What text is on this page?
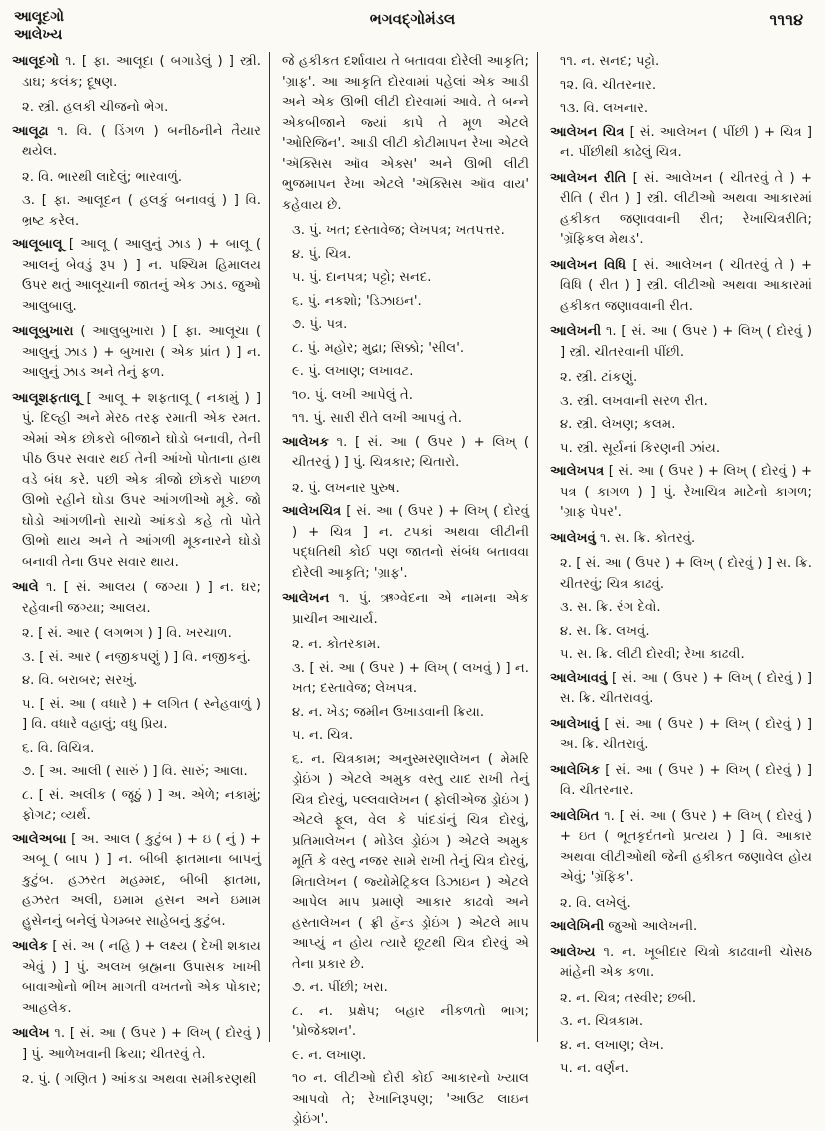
આલૂદગો
આલેખ્ય
ભગવદ્ગોમંડલ	૧૧૧૪
આલૂદગો ૧. [ ફા. આલૂદા ( બગાડેલું ) ] સ્ત્રી. ડાઘ; કલંક; દૂષણ.
૨. સ્ત્રી. હલકી ચીજનો ભેગ.
આલૂઢા ૧. વિ. ( ડિંગળ ) બનીઠનીને તૈયાર થયેલ.
૨. વિ. ભારથી લાદેલું; ભારવાળું.
૩. [ ફા. આલૂદન ( હલકું બનાવવું ) ] વિ. ભ્રષ્ટ કરેલ.
આલૂબાલૂ [ આલૂ ( આલુનું ઝાડ ) + બાલૂ ( આલનું બેવડું રૂપ ) ] ન. પશ્ચિમ હિમાલય ઉપર થતું આલૂચાની જાતનું એક ઝાડ. જુઓ આલુબાલુ.
આલૂબુખારા ( આલુબુખારા ) [ ફા. આલૂચા ( આલુનું ઝાડ ) + બુખારા ( એક પ્રાંત ) ] ન. આલુનું ઝાડ અને તેનું ફળ.
આલૂશફતાલૂ [ આલૂ + શફતાલૂ ( નકામું ) ] પું. દિલ્હી અને મેરઠ તરફ રમાતી એક રમત. એમાં એક છોકરો બીજાને ઘોડો બનાવી, તેની પીઠ ઉપર સવાર થઈ તેની આંખો પોતાના હાથ વડે બંધ કરે. પછી એક ત્રીજો છોકરો પાછળ ઊભો રહીને ઘોડા ઉપર આંગળીઓ મૂકે. જો ઘોડો આંગળીનો સાચો આંકડો કહે તો પોતે ઊભો થાય અને તે આંગળી મૂકનારને ઘોડો બનાવી તેના ઉપર સવાર થાય.
આલે ૧. [ સં. આલય ( જગ્યા ) ] ન. ઘર; રહેવાની જગ્યા; આલય.
૨. [ સં. આર ( લગભગ ) ] વિ. ખરચાળ.
૩. [ સં. આર ( નજીકપણું ) ] વિ. નજીકનું.
૪. વિ. બરાબર; સરખું.
૫. [ સં. આ ( વધારે ) + લગિત ( સ્નેહવાળું ) ] વિ. વધારે વહાલું; વધુ પ્રિય.
૬. વિ. વિચિત્ર.
૭. [ અ. આલી ( સારું ) ] વિ. સારું; આલા.
૮. [ સં. અલીક ( જૂઠું ) ] અ. એળે; નકામું; ફોગટ; વ્યર્થ.
આલેઅબા [ અ. આલ ( કુટુંબ ) + ઇ ( નું ) + અબૂ ( બાપ ) ] ન. બીબી ફાતમાના બાપનું કુટુંબ. હઝરત મહમ્મદ, બીબી ફાતમા, હઝરત અલી, ઇમામ હસન અને ઇમામ હુસેનનું બનેલું પેગમ્બર સાહેબનું કુટુંબ.
આલેક [ સં. અ ( નહિ ) + લક્ષ્ય ( દેખી શકાય એવું ) ] પું. અલખ બ્રહ્મના ઉપાસક ખાખી બાવાઓનો ભીખ માગતી વખતનો એક પોકાર; આહલેક.
આલેખ ૧. [ સં. આ ( ઉપર ) + લિખ્ ( દોરવું ) ] પું. આળેખવાની ક્રિયા; ચીતરવું તે.
૨. પું. ( ગણિત ) આંકડા અથવા સમીકરણથી
જે હકીકત દર્શાવાય તે બતાવવા દોરેલી આકૃતિ; 'ગ્રાફ'. આ આકૃતિ દોરવામાં પહેલાં એક આડી અને એક ઊભી લીટી દોરવામાં આવે. તે બન્ને એકબીજાને જ્યાં કાપે તે મૂળ એટલે 'ઓરિજિન'. આડી લીટી કોટીમાપન રેખા એટલે 'ઍક્સિસ ઑવ એક્સ' અને ઊભી લીટી ભુજમાપન રેખા એટલે 'ઍક્સિસ ઑવ વાય' કહેવાય છે.
૩. પું. ખત; દસ્તાવેજ; લેખપત્ર; ખતપત્તર.
૪. પું. ચિત્ર.
૫. પું. દાનપત્ર; પટ્ટો; સનદ.
૬. પું. નકશો; 'ડિઝાઇન'.
૭. પું. પત્ર.
૮. પું. મહોર; મુદ્રા; સિક્કો; 'સીલ'.
૯. પું. લખાણ; લખાવટ.
૧૦. પું. લખી આપેલું તે.
૧૧. પું. સારી રીતે લખી આપવું તે.
આલેખક ૧. [ સં. આ ( ઉપર ) + લિખ્ ( ચીતરવું ) ] પું. ચિત્રકાર; ચિતારો.
૨. પું. લખનાર પુરુષ.
આલેખચિત્ર [ સં. આ ( ઉપર ) + લિખ્ ( દોરવું ) + ચિત્ર ] ન. ટપકાં અથવા લીટીની પદ્ધતિથી કોઈ પણ જાતનો સંબંધ બતાવવા દોરેલી આકૃતિ; 'ગ્રાફ'.
આલેખન ૧. પું. ઋગ્વેદના એ નામના એક પ્રાચીન આચાર્ય.
૨. ન. કોતરકામ.
૩. [ સં. આ ( ઉપર ) + લિખ્ ( લખવું ) ] ન. ખત; દસ્તાવેજ; લેખપત્ર.
૪. ન. ખેડ; જમીન ઉખાડવાની ક્રિયા.
૫. ન. ચિત્ર.
૬. ન. ચિત્રકામ; અનુસ્મરણાલેખન ( મેમરિ ડ્રોઇંગ ) એટલે અમુક વસ્તુ યાદ રાખી તેનું ચિત્ર દોરવું, પલ્લવાલેખન ( ફોલીએજ ડ્રોઇંગ ) એટલે ફૂલ, વેલ કે પાંદડાંનું ચિત્ર દોરવું, પ્રતિમાલેખન ( મોડેલ ડ્રોઇંગ ) એટલે અમુક મૂર્તિ કે વસ્તુ નજર સામે રાખી તેનું ચિત્ર દોરવું, મિતાલેખન ( જ્યોમેટ્રિકલ ડિઝાઇન ) એટલે આપેલ માપ પ્રમાણે આકાર કાઢવો અને હસ્તાલેખન ( ફ્રી હૅન્ડ ડ્રોઇંગ ) એટલે માપ આપ્યું ન હોય ત્યારે છૂટથી ચિત્ર દોરવું એ તેના પ્રકાર છે.
૭. ન. પીંછી; ખરા.
૮. ન. પ્રક્ષેપ; બહાર નીકળતો ભાગ; 'પ્રોજેક્શન'.
૯. ન. લખાણ.
૧૦ ન. લીટીઓ દોરી કોઈ આકારનો ખ્યાલ આપવો તે; રેખાનિરૂપણ; 'આઉટ લાઇન ડ્રોઇંગ'.
૧૧. ન. સનદ; પટ્ટો.
૧૨. વિ. ચીતરનાર.
૧૩. વિ. લખનાર.
આલેખન ચિત્ર [ સં. આલેખન ( પીંછી ) + ચિત્ર ] ન. પીંછીથી કાઢેલું ચિત્ર.
આલેખન રીતિ [ સં. આલેખન ( ચીતરવું તે ) + રીતિ ( રીત ) ] સ્ત્રી. લીટીઓ અથવા આકારમાં હકીકત જણાવવાની રીત; રેખાચિત્રરીતિ; 'ગ્રૅફિકલ મેથડ'.
આલેખન વિધિ [ સં. આલેખન ( ચીતરવું તે ) + વિધિ ( રીત ) ] સ્ત્રી. લીટીઓ અથવા આકારમાં હકીકત જણાવવાની રીત.
આલેખની ૧. [ સં. આ ( ઉપર ) + લિખ્ ( દોરવું ) ] સ્ત્રી. ચીતરવાની પીંછી.
૨. સ્ત્રી. ટાંકણું.
૩. સ્ત્રી. લખવાની સરળ રીત.
૪. સ્ત્રી. લેખણ; કલમ.
૫. સ્ત્રી. સૂર્યનાં કિરણની ઝાંય.
આલેખપત્ર [ સં. આ ( ઉપર ) + લિખ્ ( દોરવું ) + પત્ર ( કાગળ ) ] પું. રેખાચિત્ર માટેનો કાગળ; 'ગ્રાફ પેપર'.
આલેખવું ૧. સ. ક્રિ. કોતરવું.
૨. [ સં. આ ( ઉપર ) + લિખ્ ( દોરવું ) ] સ. ક્રિ. ચીતરવું; ચિત્ર કાઢવું.
૩. સ. ક્રિ. રંગ દેવો.
૪. સ. ક્રિ. લખવું.
૫. સ. ક્રિ. લીટી દોરવી; રેખા કાઢવી.
આલેખાવવું [ સં. આ ( ઉપર ) + લિખ્ ( દોરવું ) ] સ. ક્રિ. ચીતરાવવું.
આલેખાવું [ સં. આ ( ઉપર ) + લિખ્ ( દોરવું ) ] અ. ક્રિ. ચીતરાવું.
આલેખિક [ સં. આ ( ઉપર ) + લિખ્ ( દોરવું ) ] વિ. ચીતરનાર.
આલેખિત ૧. [ સં. આ ( ઉપર ) + લિખ્ ( દોરવું ) + ઇત ( ભૂતકૃદંતનો પ્રત્યય ) ] વિ. આકાર અથવા લીટીઓથી જેની હકીકત જણાવેલ હોય એવું; 'ગ્રૅફિક'.
૨. વિ. લખેલું.
આલેખિની જુઓ આલેખની.
આલેખ્ય ૧. ન. ખૂબીદાર ચિત્રો કાઢવાની ચોસઠ માંહેની એક કળા.
૨. ન. ચિત્ર; તસ્વીર; છબી.
૩. ન. ચિત્રકામ.
૪. ન. લખાણ; લેખ.
૫. ન. વર્ણન.
